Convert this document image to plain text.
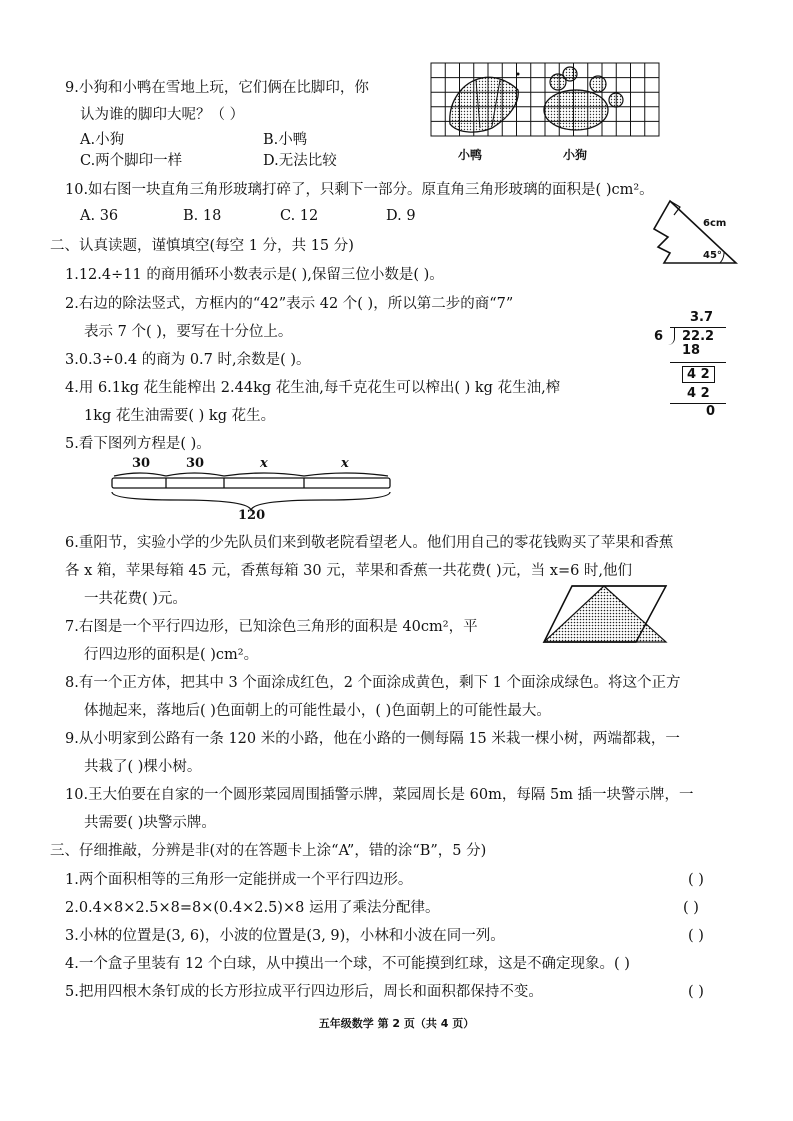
9.小狗和小鸭在雪地上玩，它们俩在比脚印，你
认为谁的脚印大呢？（ ）
A.小狗	B.小鸭
C.两个脚印一样	D.无法比较	小鸭	小狗
10.如右图一块直角三角形玻璃打碎了，只剩下一部分。原直角三角形玻璃的面积是( )cm²。
A. 36	B. 18	C. 12	D. 9	6cm
45°
二、认真读题，谨慎填空(每空 1 分，共 15 分)
1.12.4÷11 的商用循环小数表示是( ),保留三位小数是( )。
2.右边的除法竖式，方框内的“42”表示 42 个( )，所以第二步的商“7”
表示 7 个( )，要写在十分位上。
3.0.3÷0.4 的商为 0.7 时,余数是( )。
4.用 6.1kg 花生能榨出 2.44kg 花生油,每千克花生可以榨出( ) kg 花生油,榨
1kg 花生油需要( ) kg 花生。
5.看下图列方程是( )。
3.7
6 22.2
18
4 2
4 2
0
30	30	x	x
120
6.重阳节，实验小学的少先队员们来到敬老院看望老人。他们用自己的零花钱购买了苹果和香蕉
各 x 箱，苹果每箱 45 元，香蕉每箱 30 元，苹果和香蕉一共花费( )元，当 x=6 时,他们
一共花费( )元。
7.右图是一个平行四边形，已知涂色三角形的面积是 40cm²，平
行四边形的面积是( )cm²。
8.有一个正方体，把其中 3 个面涂成红色，2 个面涂成黄色，剩下 1 个面涂成绿色。将这个正方
体抛起来，落地后( )色面朝上的可能性最小，( )色面朝上的可能性最大。
9.从小明家到公路有一条 120 米的小路，他在小路的一侧每隔 15 米栽一棵小树，两端都栽，一
共栽了( )棵小树。
10.王大伯要在自家的一个圆形菜园周围插警示牌，菜园周长是 60m，每隔 5m 插一块警示牌，一
共需要( )块警示牌。
三、仔细推敲，分辨是非(对的在答题卡上涂“A”，错的涂“B”，5 分)
1.两个面积相等的三角形一定能拼成一个平行四边形。	( )
2.0.4×8×2.5×8=8×(0.4×2.5)×8 运用了乘法分配律。	( )
3.小林的位置是(3, 6)，小波的位置是(3, 9)，小林和小波在同一列。	( )
4.一个盒子里装有 12 个白球，从中摸出一个球，不可能摸到红球，这是不确定现象。( )
5.把用四根木条钉成的长方形拉成平行四边形后，周长和面积都保持不变。	( )
五年级数学 第 2 页（共 4 页）
